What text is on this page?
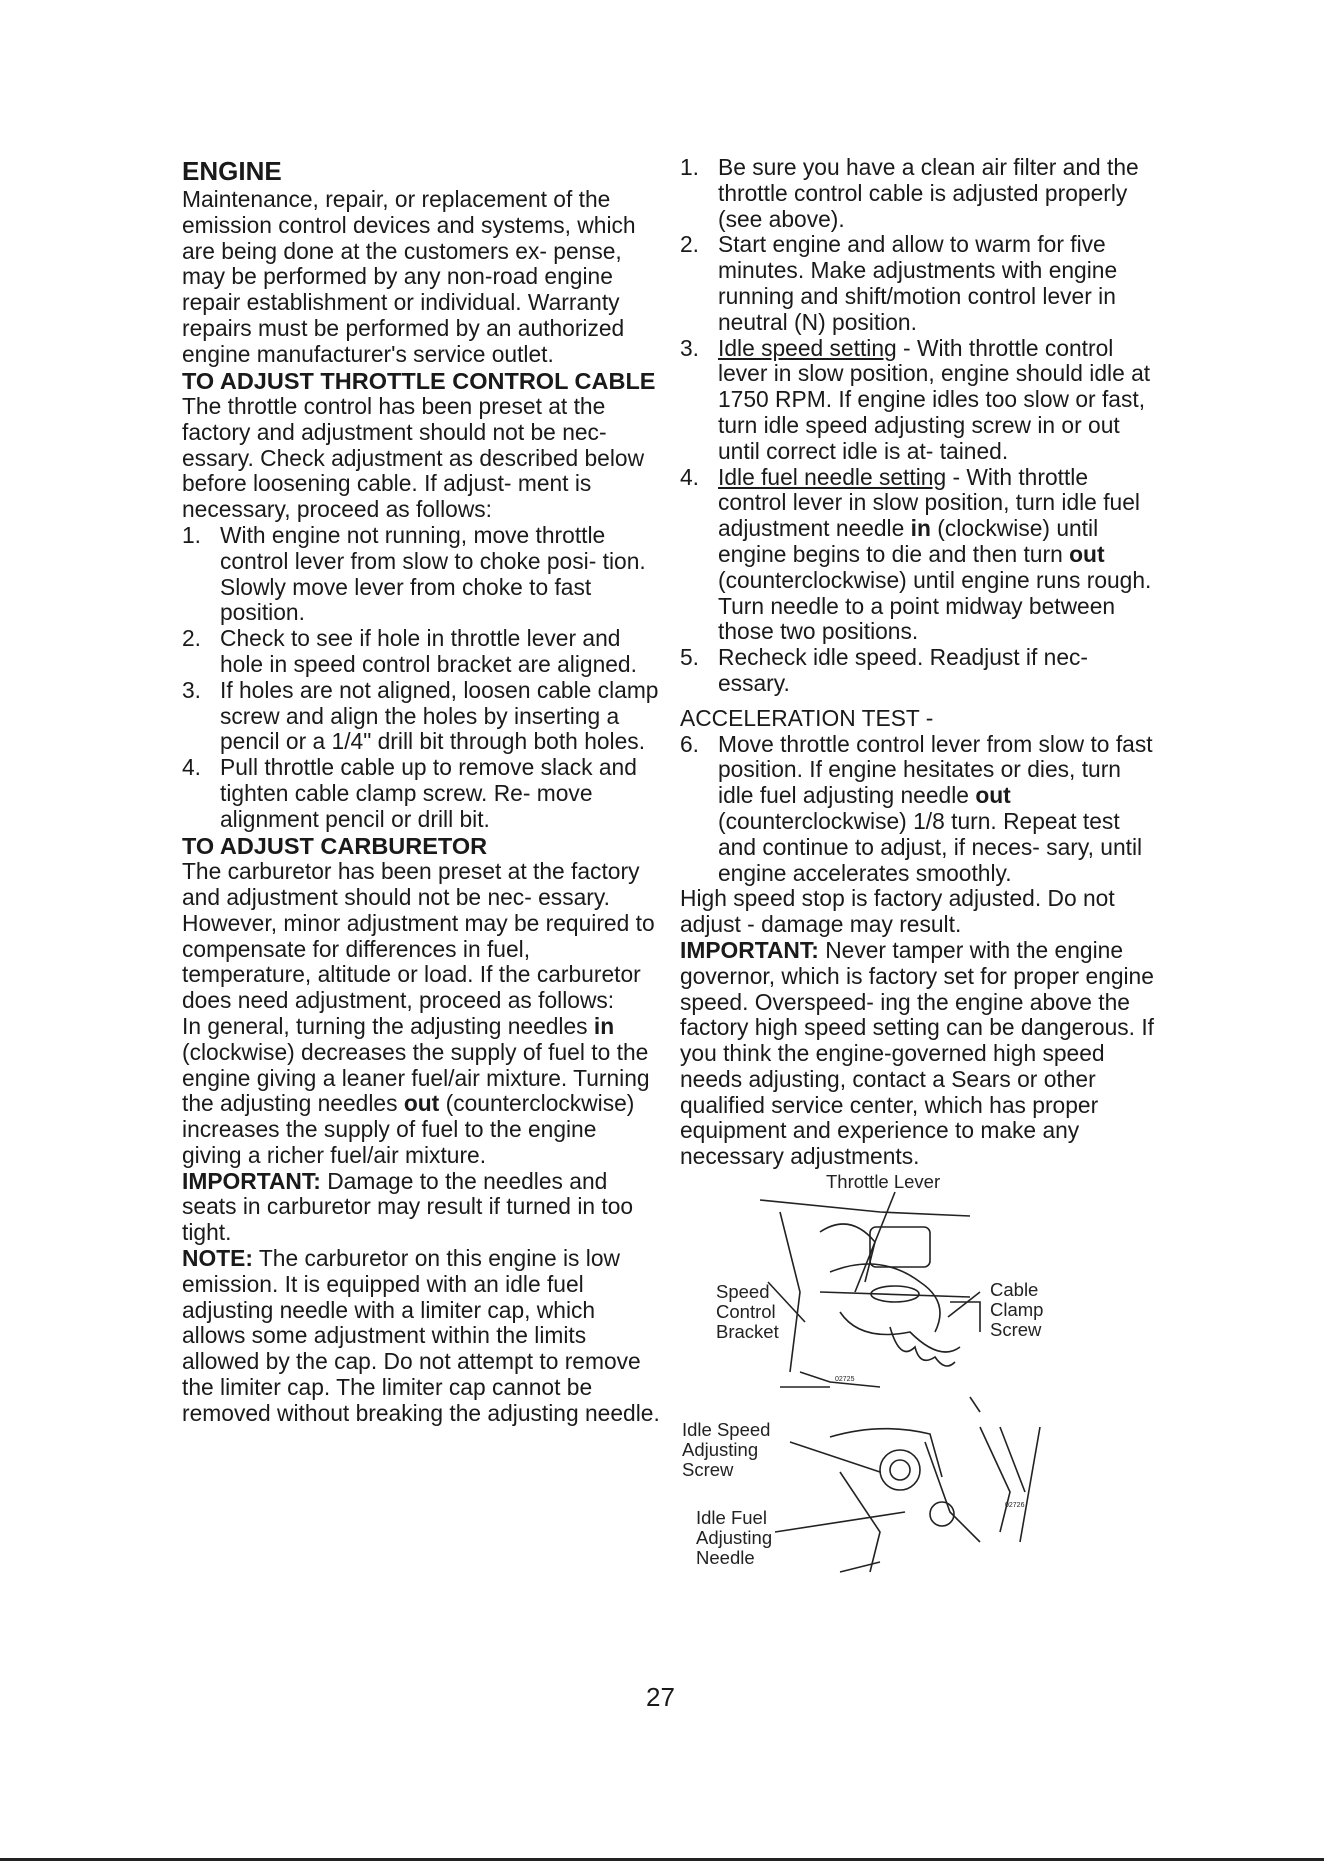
ENGINE

Maintenance, repair, or replacement of the emission control devices and systems, which are being done at the customers ex- pense, may be performed by any non-road engine repair establishment or individual. Warranty repairs must be performed by an authorized engine manufacturer's service outlet.

TO ADJUST THROTTLE CONTROL CABLE

The throttle control has been preset at the factory and adjustment should not be nec- essary. Check adjustment as described below before loosening cable. If adjust- ment is necessary, proceed as follows:

1. With engine not running, move throttle control lever from slow to choke posi- tion. Slowly move lever from choke to fast position.
2. Check to see if hole in throttle lever and hole in speed control bracket are aligned.
3. If holes are not aligned, loosen cable clamp screw and align the holes by inserting a pencil or a 1/4" drill bit through both holes.
4. Pull throttle cable up to remove slack and tighten cable clamp screw. Re- move alignment pencil or drill bit.
TO ADJUST CARBURETOR

The carburetor has been preset at the factory and adjustment should not be nec- essary. However, minor adjustment may be required to compensate for differences in fuel, temperature, altitude or load. If the carburetor does need adjustment, proceed as follows:

In general, turning the adjusting needles in (clockwise) decreases the supply of fuel to the engine giving a leaner fuel/air mixture. Turning the adjusting needles out (counterclockwise) increases the supply of fuel to the engine giving a richer fuel/air mixture.

IMPORTANT: Damage to the needles and seats in carburetor may result if turned in too tight.

NOTE: The carburetor on this engine is low emission. It is equipped with an idle fuel adjusting needle with a limiter cap, which allows some adjustment within the limits allowed by the cap. Do not attempt to remove the limiter cap. The limiter cap cannot be removed without breaking the adjusting needle.

1. Be sure you have a clean air filter and the throttle control cable is adjusted properly (see above).
2. Start engine and allow to warm for five minutes. Make adjustments with engine running and shift/motion control lever in neutral (N) position.
3. Idle speed setting - With throttle control lever in slow position, engine should idle at 1750 RPM. If engine idles too slow or fast, turn idle speed adjusting screw in or out until correct idle is at- tained.
4. Idle fuel needle setting - With throttle control lever in slow position, turn idle fuel adjustment needle in (clockwise) until engine begins to die and then turn out (counterclockwise) until engine runs rough. Turn needle to a point midway between those two positions.
5. Recheck idle speed. Readjust if nec- essary.

ACCELERATION TEST -

6. Move throttle control lever from slow to fast position. If engine hesitates or dies, turn idle fuel adjusting needle out (counterclockwise) 1/8 turn. Repeat test and continue to adjust, if neces- sary, until engine accelerates smoothly.

High speed stop is factory adjusted. Do not adjust - damage may result.

IMPORTANT: Never tamper with the engine governor, which is factory set for proper engine speed. Overspeed- ing the engine above the factory high speed setting can be dangerous. If you think the engine-governed high speed needs adjusting, contact a Sears or other qualified service center, which has proper equipment and experience to make any necessary adjustments.

Throttle Lever
Speed
Control
Bracket
Cable
Clamp
Screw
Idle Speed
Adjusting
Screw
Idle Fuel
Adjusting
Needle
02725
02726
27
